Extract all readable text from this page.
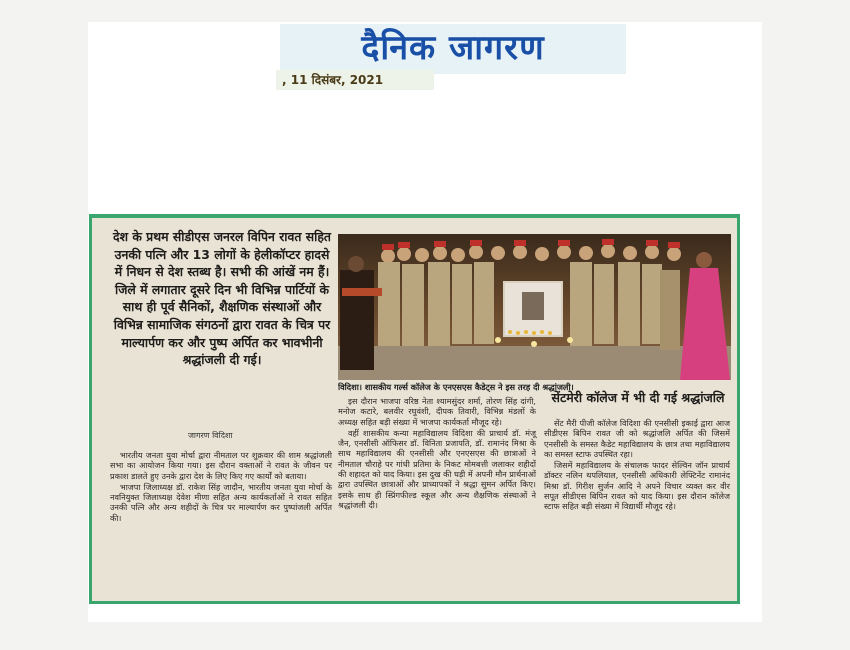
दैनिक जागरण
, 11 दिसंबर, 2021
देश के प्रथम सीडीएस जनरल विपिन रावत सहित उनकी पत्नि और 13 लोगों के हेलीकॉप्टर हादसे में निधन से देश स्तब्ध है। सभी की आंखें नम हैं। जिले में लगातार दूसरे दिन भी विभिन्न पार्टियों के साथ ही पूर्व सैनिकों, शैक्षणिक संस्थाओं और विभिन्न सामाजिक संगठनों द्वारा रावत के चित्र पर माल्यार्पण कर और पुष्प अर्पित कर भावभीनी श्रद्धांजली दी गई।
विदिशा। शासकीय गर्ल्स कॉलेज के एनएसएस कैडेट्स ने इस तरह दी श्रद्धांजली।
जागरण विदिशा

भारतीय जनता युवा मोर्चा द्वारा नीमताल पर शुक्रवार की शाम श्रद्धांजली सभा का आयोजन किया गया। इस दौरान वक्ताओं ने रावत के जीवन पर प्रकाश डालते हुए उनके द्वारा देश के लिए किए गए कार्यों को बताया।

भाजपा जिलाध्यक्ष डॉ. राकेश सिंह जादौन, भारतीय जनता युवा मोर्चा के नवनियुक्त जिलाध्यक्ष देवेश मीणा सहित अन्य कार्यकर्ताओं ने रावत सहित उनकी पत्नि और अन्य शहीदों के चित्र पर माल्यार्पण कर पुष्पांजली अर्पित की।

इस दौरान भाजपा वरिष्ठ नेता श्यामसुंदर शर्मा, तोरण सिंह दांगी, मनोज कटारे, बलवीर रघुवंशी, दीपक तिवारी, विभिन्न मंडलों के अध्यक्ष सहित बड़ी संख्या में भाजपा कार्यकर्ता मौजूद रहे।

वहीं शासकीय कन्या महाविद्यालय विदिशा की प्राचार्य डॉ. मंजू जैन, एनसीसी ऑफिसर डॉ. विनिता प्रजापति, डॉ. रामानंद मिश्रा के साथ महाविद्यालय की एनसीसी और एनएसएस की छात्राओं ने नीमताल चौराहे पर गांधी प्रतिमा के निकट मोमबत्ती जलाकर शहीदों की शहादत को याद किया। इस दुख की घड़ी में अपनी मौन प्रार्थनाओं द्वारा उपस्थित छात्राओं और प्राध्यापकों ने श्रद्धा सुमन अर्पित किए। इसके साथ ही स्प्रिंगफील्ड स्कूल और अन्य शैक्षणिक संस्थाओं ने श्रद्धांजली दी।

सेंटमेरी कॉलेज में भी दी गई श्रद्धांजलि

सेंट मैरी पीजी कॉलेज विदिशा की एनसीसी इकाई द्वारा आज सीडीएस बिपिन रावत जी को श्रद्धांजलि अर्पित की जिसमें एनसीसी के समस्त कैडेट महाविद्यालय के छात्र तथा महाविद्यालय का समस्त स्टाफ उपस्थित रहा।

जिसमें महाविद्यालय के संचालक फादर सेल्विन जॉन प्राचार्य डॉक्टर नलिन थपलियाल, एनसीसी अधिकारी लेफ्टिनेंट रामानंद मिश्रा डॉ. गिरीश सुर्जन आदि ने अपने विचार व्यक्त कर वीर सपूत सीडीएस बिपिन रावत को याद किया। इस दौरान कॉलेज स्टाफ सहित बड़ी संख्या में विद्यार्थी मौजूद रहे।
